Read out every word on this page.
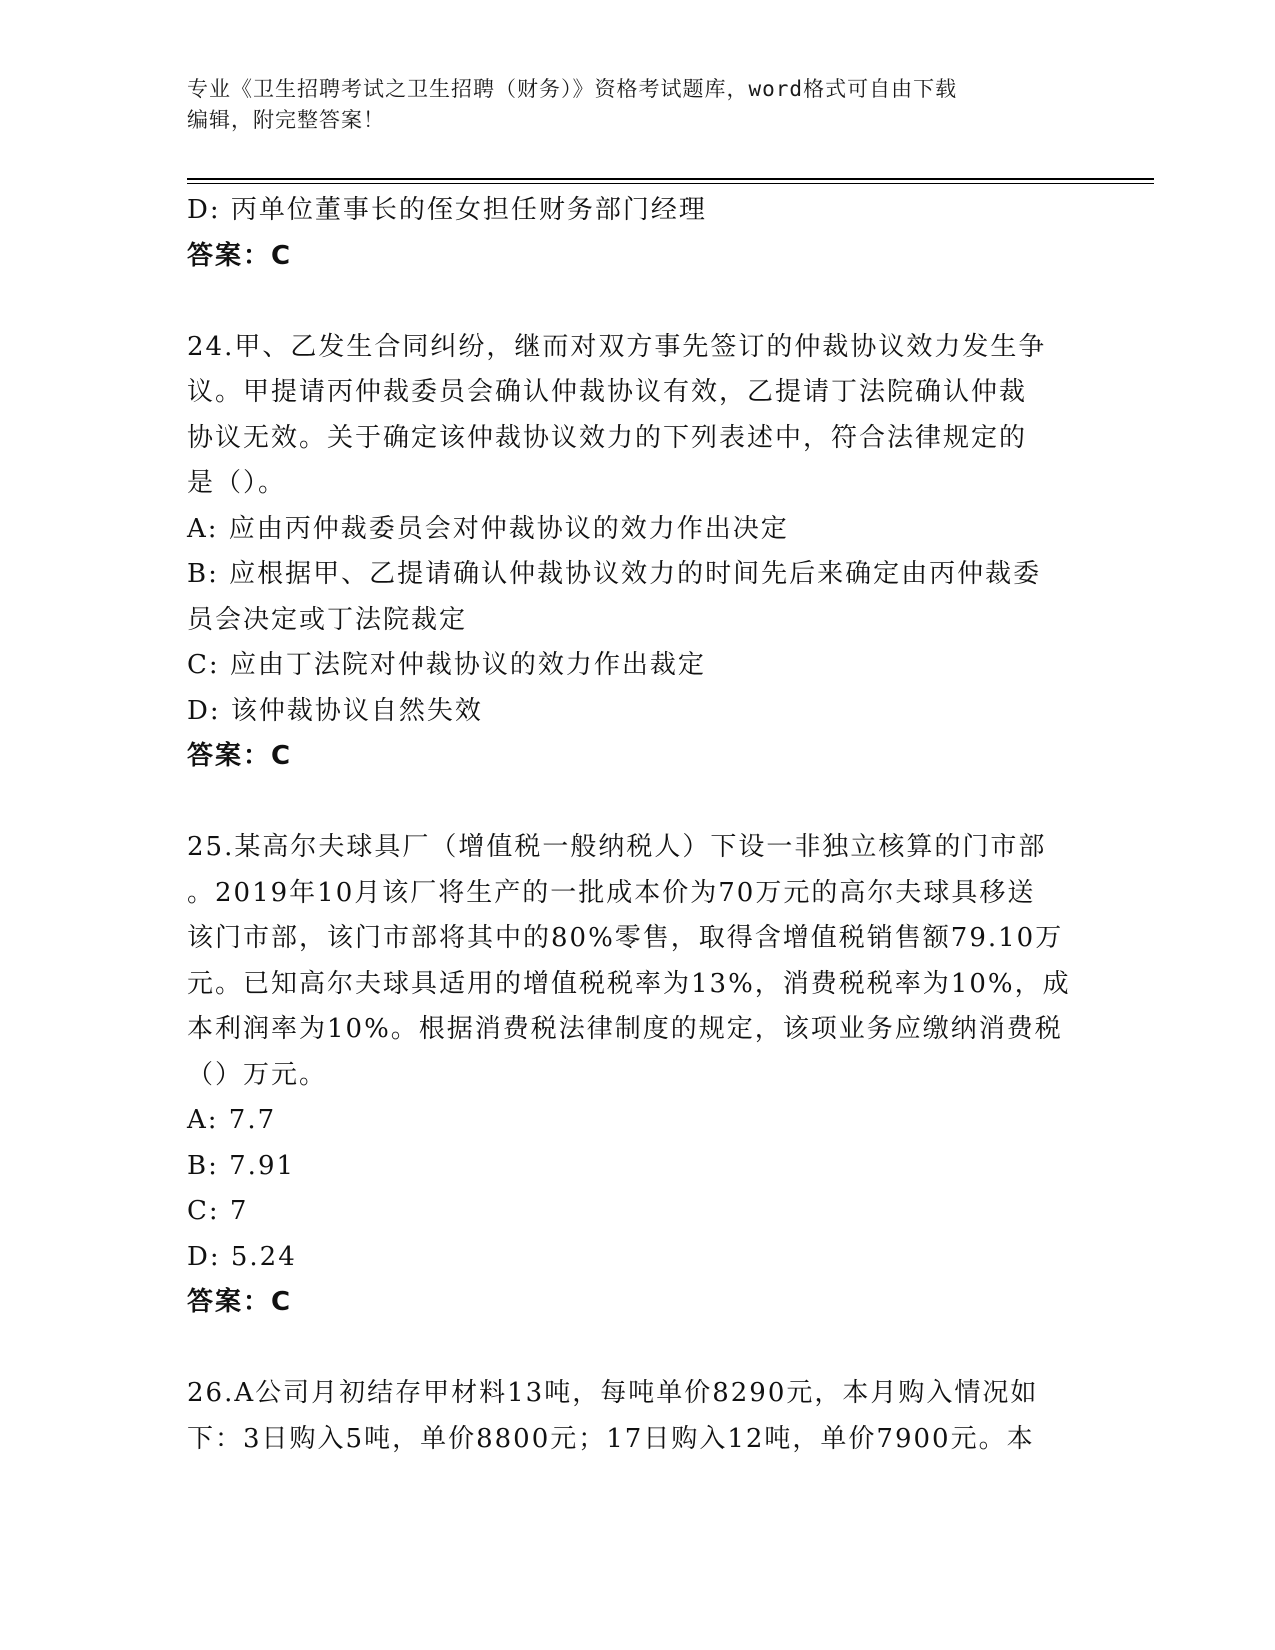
专业《卫生招聘考试之卫生招聘（财务）》资格考试题库，word格式可自由下载
编辑，附完整答案！
D: 丙单位董事长的侄女担任财务部门经理
答案：C
24.甲、乙发生合同纠纷，继而对双方事先签订的仲裁协议效力发生争
议。甲提请丙仲裁委员会确认仲裁协议有效，乙提请丁法院确认仲裁
协议无效。关于确定该仲裁协议效力的下列表述中，符合法律规定的
是（）。
A: 应由丙仲裁委员会对仲裁协议的效力作出决定
B: 应根据甲、乙提请确认仲裁协议效力的时间先后来确定由丙仲裁委
员会决定或丁法院裁定
C: 应由丁法院对仲裁协议的效力作出裁定
D: 该仲裁协议自然失效
答案：C
25.某高尔夫球具厂（增值税一般纳税人）下设一非独立核算的门市部
。2019年10月该厂将生产的一批成本价为70万元的高尔夫球具移送
该门市部，该门市部将其中的80%零售，取得含增值税销售额79.10万
元。已知高尔夫球具适用的增值税税率为13%，消费税税率为10%，成
本利润率为10%。根据消费税法律制度的规定，该项业务应缴纳消费税
（）万元。
A: 7.7
B: 7.91
C: 7
D: 5.24
答案：C
26.A公司月初结存甲材料13吨，每吨单价8290元，本月购入情况如
下：3日购入5吨，单价8800元；17日购入12吨，单价7900元。本
